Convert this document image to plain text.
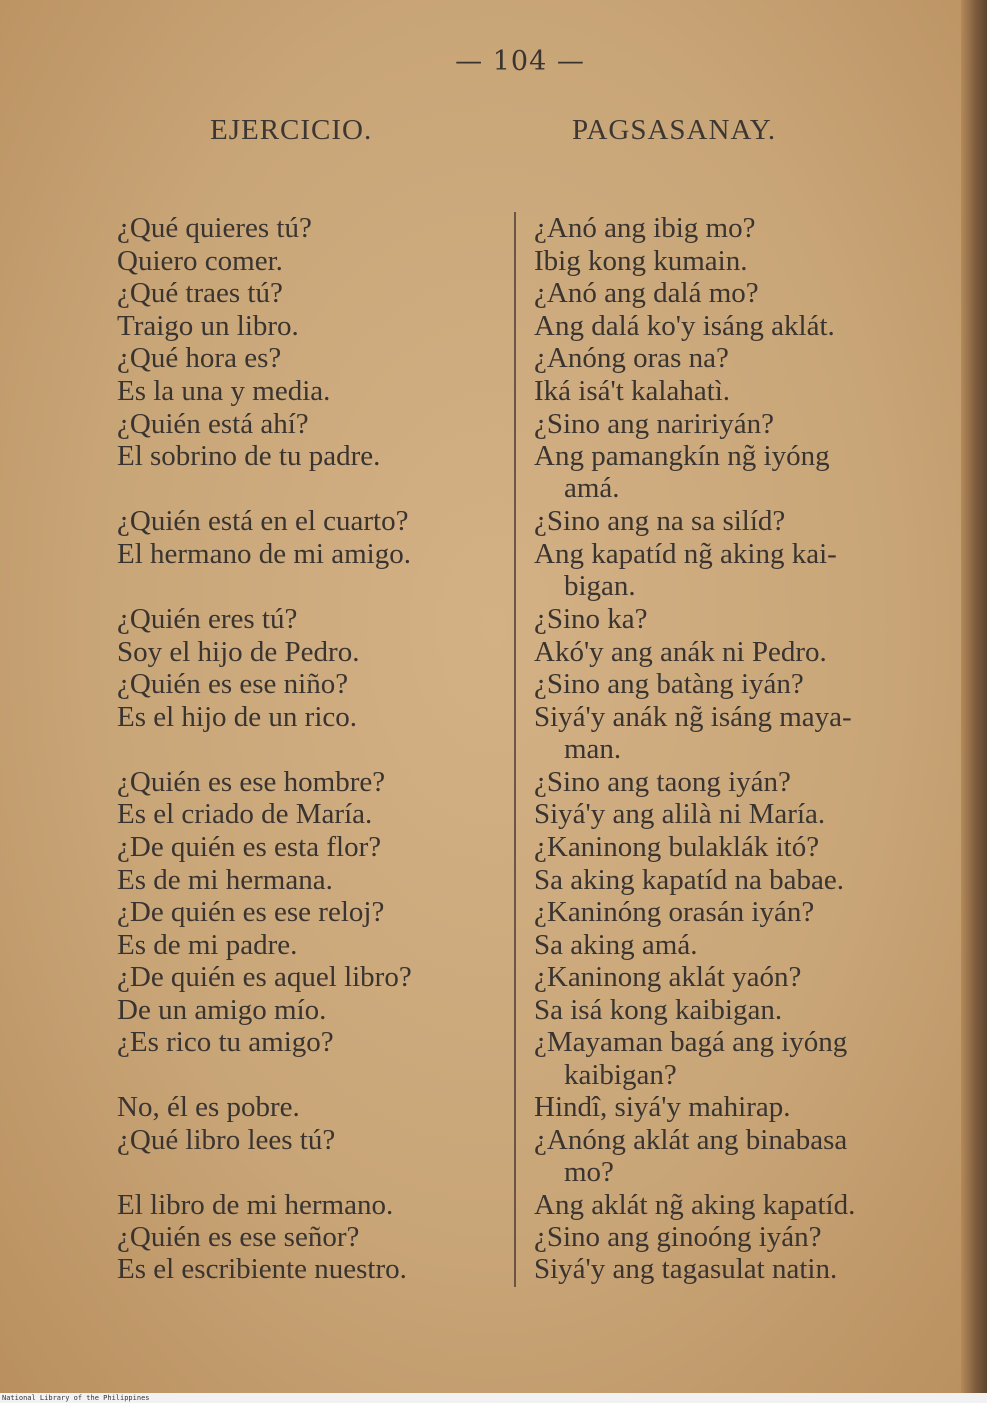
— 104 —
EJERCICIO.	PAGSASANAY.
¿Qué quieres tú?
Quiero comer.
¿Qué traes tú?
Traigo un libro.
¿Qué hora es?
Es la una y media.
¿Quién está ahí?
El sobrino de tu padre.
¿Quién está en el cuarto?
El hermano de mi amigo.
¿Quién eres tú?
Soy el hijo de Pedro.
¿Quién es ese niño?
Es el hijo de un rico.
¿Quién es ese hombre?
Es el criado de María.
¿De quién es esta flor?
Es de mi hermana.
¿De quién es ese reloj?
Es de mi padre.
¿De quién es aquel libro?
De un amigo mío.
¿Es rico tu amigo?
No, él es pobre.
¿Qué libro lees tú?
El libro de mi hermano.
¿Quién es ese señor?
Es el escribiente nuestro.
¿Anó ang ibig mo?
Ibig kong kumain.
¿Anó ang dalá mo?
Ang dalá ko'y isáng aklát.
¿Anóng oras na?
Iká isá't kalahatì.
¿Sino ang naririyán?
Ang pamangkín ng̃ iyóng
amá.
¿Sino ang na sa silíd?
Ang kapatíd ng̃ aking kai-
bigan.
¿Sino ka?
Akó'y ang anák ni Pedro.
¿Sino ang batàng iyán?
Siyá'y anák ng̃ isáng maya-
man.
¿Sino ang taong iyán?
Siyá'y ang alilà ni María.
¿Kaninong bulaklák itó?
Sa aking kapatíd na babae.
¿Kaninóng orasán iyán?
Sa aking amá.
¿Kaninong aklát yaón?
Sa isá kong kaibigan.
¿Mayaman bagá ang iyóng
kaibigan?
Hindî, siyá'y mahirap.
¿Anóng aklát ang binabasa
mo?
Ang aklát ng̃ aking kapatíd.
¿Sino ang ginoóng iyán?
Siyá'y ang tagasulat natin.
National Library of the Philippines
